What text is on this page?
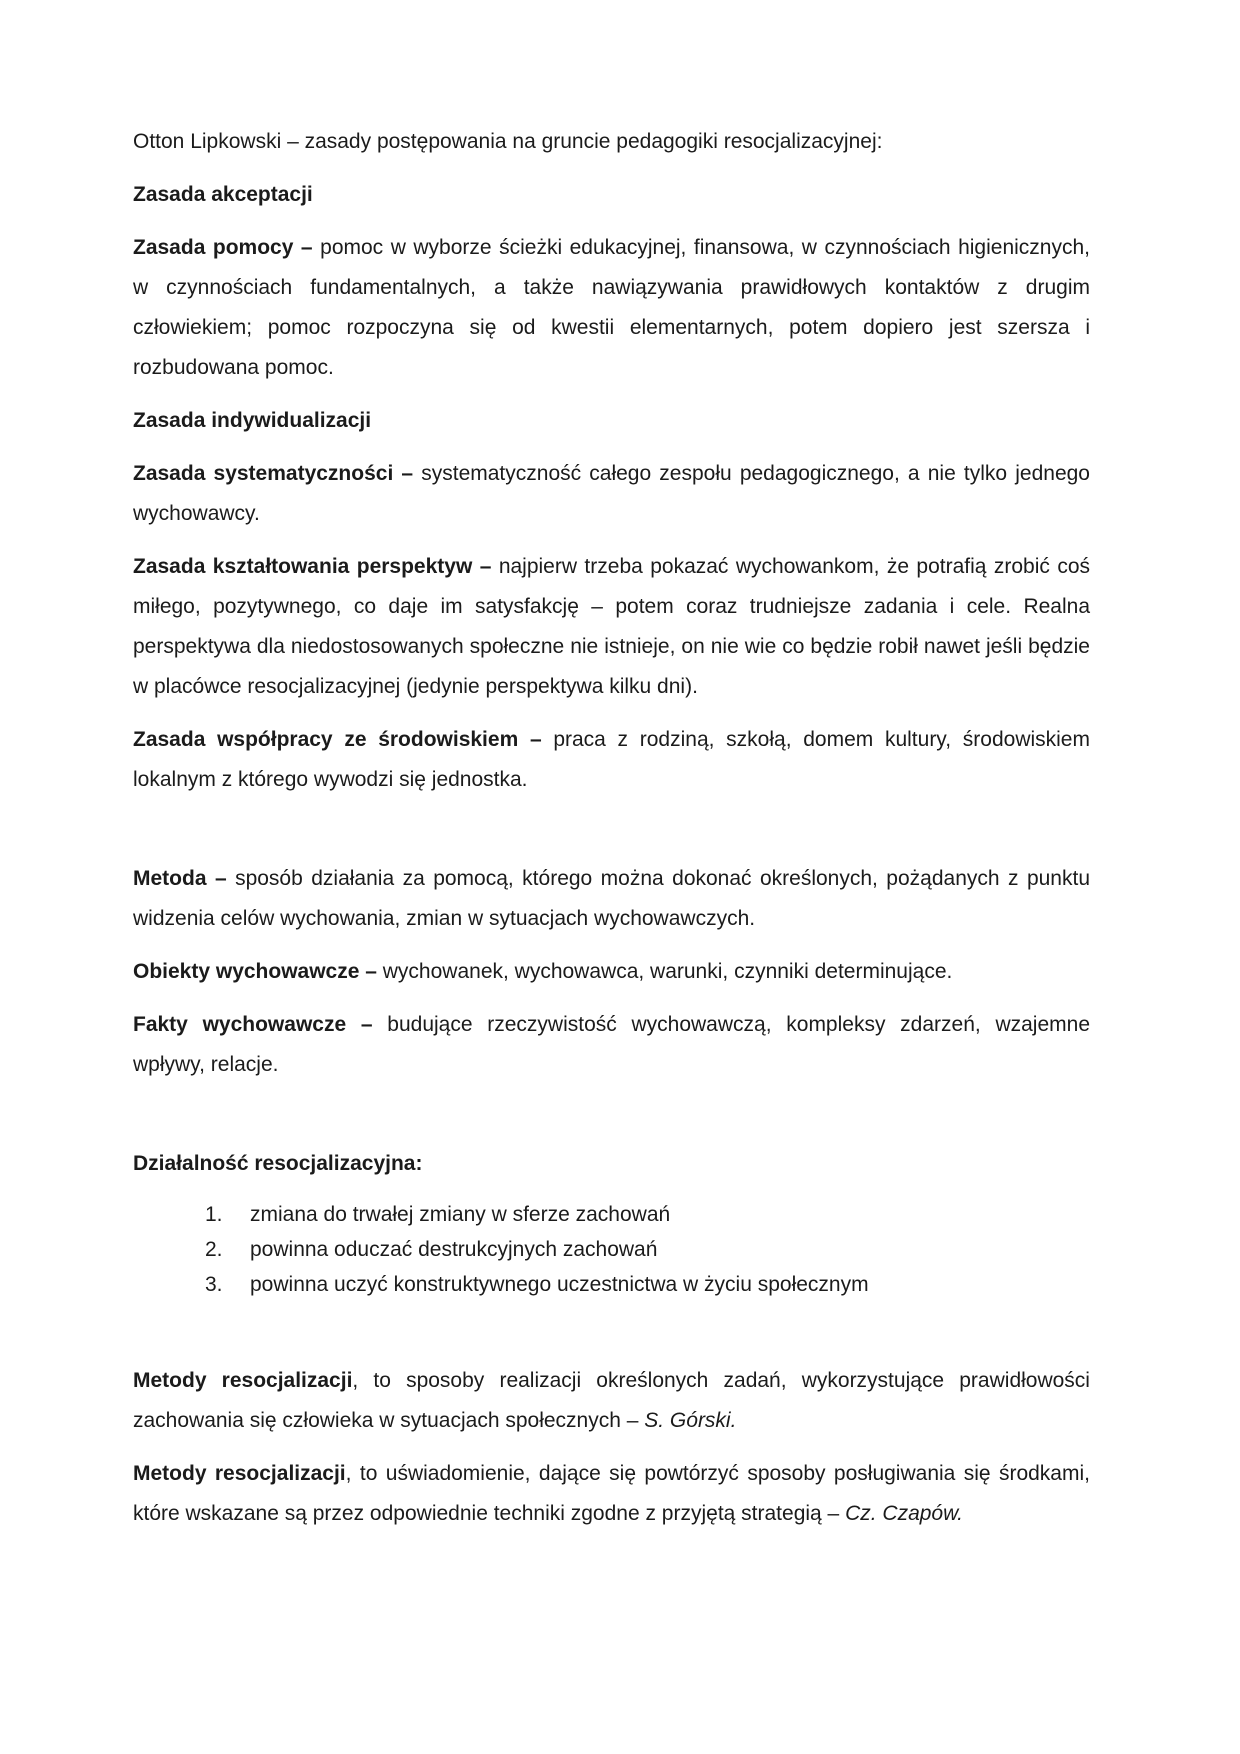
Otton Lipkowski – zasady postępowania na gruncie pedagogiki resocjalizacyjnej:

Zasada akceptacji

Zasada pomocy – pomoc w wyborze ścieżki edukacyjnej, finansowa, w czynnościach higienicznych, w czynnościach fundamentalnych, a także nawiązywania prawidłowych kontaktów z drugim człowiekiem; pomoc rozpoczyna się od kwestii elementarnych, potem dopiero jest szersza i rozbudowana pomoc.

Zasada indywidualizacji

Zasada systematyczności – systematyczność całego zespołu pedagogicznego, a nie tylko jednego wychowawcy.

Zasada kształtowania perspektyw – najpierw trzeba pokazać wychowankom, że potrafią zrobić coś miłego, pozytywnego, co daje im satysfakcję – potem coraz trudniejsze zadania i cele. Realna perspektywa dla niedostosowanych społeczne nie istnieje, on nie wie co będzie robił nawet jeśli będzie w placówce resocjalizacyjnej (jedynie perspektywa kilku dni).

Zasada współpracy ze środowiskiem – praca z rodziną, szkołą, domem kultury, środowiskiem lokalnym z którego wywodzi się jednostka.

Metoda – sposób działania za pomocą, którego można dokonać określonych, pożądanych z punktu widzenia celów wychowania, zmian w sytuacjach wychowawczych.

Obiekty wychowawcze – wychowanek, wychowawca, warunki, czynniki determinujące.

Fakty wychowawcze – budujące rzeczywistość wychowawczą, kompleksy zdarzeń, wzajemne wpływy, relacje.

Działalność resocjalizacyjna:

1. zmiana do trwałej zmiany w sferze zachowań
2. powinna oduczać destrukcyjnych zachowań
3. powinna uczyć konstruktywnego uczestnictwa w życiu społecznym

Metody resocjalizacji, to sposoby realizacji określonych zadań, wykorzystujące prawidłowości zachowania się człowieka w sytuacjach społecznych – S. Górski.

Metody resocjalizacji, to uświadomienie, dające się powtórzyć sposoby posługiwania się środkami, które wskazane są przez odpowiednie techniki zgodne z przyjętą strategią – Cz. Czapów.
